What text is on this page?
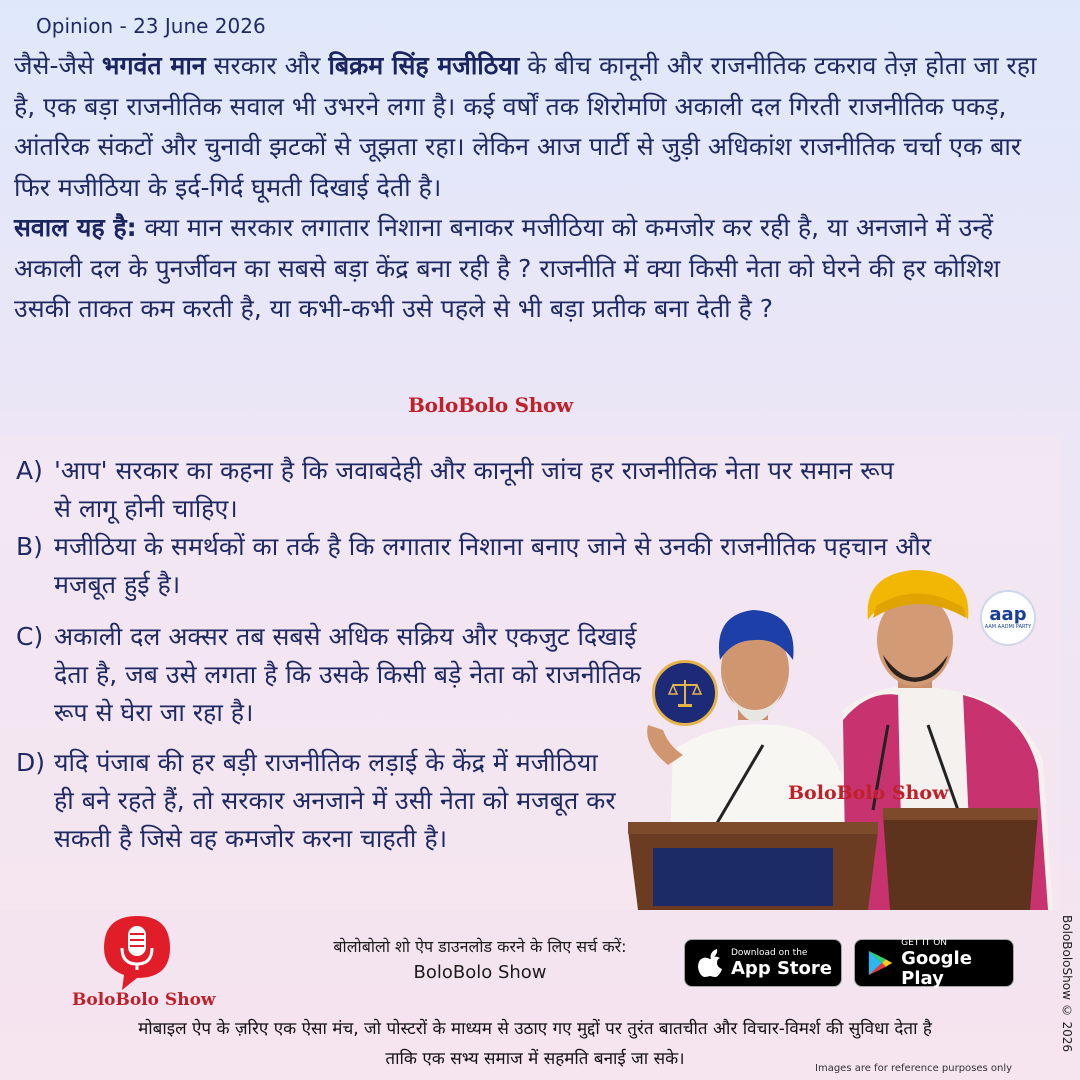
Opinion - 23 June 2026

जैसे-जैसे भगवंत मान सरकार और बिक्रम सिंह मजीठिया के बीच कानूनी और राजनीतिक टकराव तेज़ होता जा रहा है, एक बड़ा राजनीतिक सवाल भी उभरने लगा है। कई वर्षों तक शिरोमणि अकाली दल गिरती राजनीतिक पकड़, आंतरिक संकटों और चुनावी झटकों से जूझता रहा। लेकिन आज पार्टी से जुड़ी अधिकांश राजनीतिक चर्चा एक बार फिर मजीठिया के इर्द-गिर्द घूमती दिखाई देती है।

सवाल यह है: क्या मान सरकार लगातार निशाना बनाकर मजीठिया को कमजोर कर रही है, या अनजाने में उन्हें अकाली दल के पुनर्जीवन का सबसे बड़ा केंद्र बना रही है ? राजनीति में क्या किसी नेता को घेरने की हर कोशिश उसकी ताकत कम करती है, या कभी-कभी उसे पहले से भी बड़ा प्रतीक बना देती है ?

BoloBolo Show
A) 'आप' सरकार का कहना है कि जवाबदेही और कानूनी जांच हर राजनीतिक नेता पर समान रूप से लागू होनी चाहिए।
B) मजीठिया के समर्थकों का तर्क है कि लगातार निशाना बनाए जाने से उनकी राजनीतिक पहचान और मजबूत हुई है।
C) अकाली दल अक्सर तब सबसे अधिक सक्रिय और एकजुट दिखाई देता है, जब उसे लगता है कि उसके किसी बड़े नेता को राजनीतिक रूप से घेरा जा रहा है।
D) यदि पंजाब की हर बड़ी राजनीतिक लड़ाई के केंद्र में मजीठिया ही बने रहते हैं, तो सरकार अनजाने में उसी नेता को मजबूत कर सकती है जिसे वह कमजोर करना चाहती है।
aap
AAM AADMI PARTY
BoloBolo Show
BoloBolo Show
बोलोबोलो शो ऐप डाउनलोड करने के लिए सर्च करें:
BoloBolo Show
Download on the
App Store
GET IT ON
Google Play
मोबाइल ऐप के ज़रिए एक ऐसा मंच, जो पोस्टरों के माध्यम से उठाए गए मुद्दों पर तुरंत बातचीत और विचार-विमर्श की सुविधा देता है
ताकि एक सभ्य समाज में सहमति बनाई जा सके।
BoloBoloShow © 2026
Images are for reference purposes only
